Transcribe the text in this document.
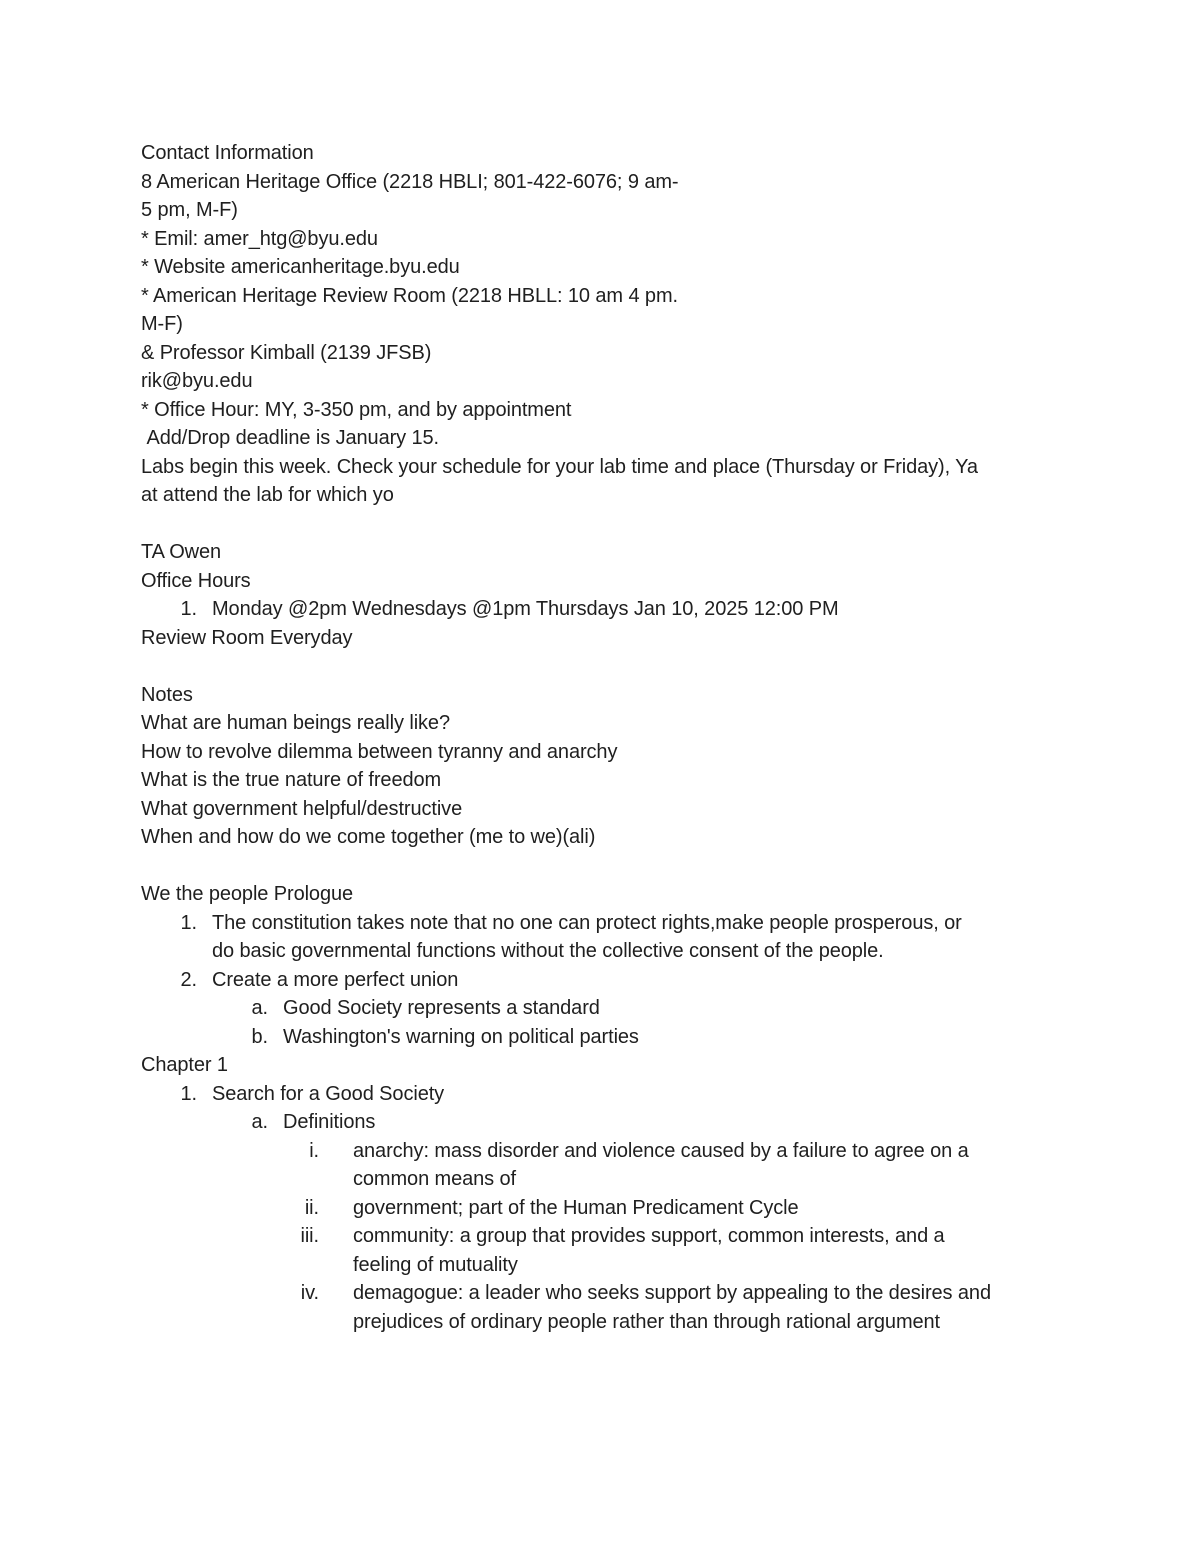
Contact Information
8 American Heritage Office (2218 HBLI; 801-422-6076; 9 am-
5 pm, M-F)
* Emil: amer_htg@byu.edu
* Website americanheritage.byu.edu
* American Heritage Review Room (2218 HBLL: 10 am 4 pm.
M-F)
& Professor Kimball (2139 JFSB)
rik@byu.edu
* Office Hour: MY, 3-350 pm, and by appointment
Add/Drop deadline is January 15.
Labs begin this week. Check your schedule for your lab time and place (Thursday or Friday), Ya
at attend the lab for which yo
TA Owen
Office Hours
1. Monday @2pm Wednesdays @1pm Thursdays Jan 10, 2025 12:00 PM
Review Room Everyday
Notes
What are human beings really like?
How to revolve dilemma between tyranny and anarchy
What is the true nature of freedom
What government helpful/destructive
When and how do we come together (me to we)(ali)
We the people Prologue
1. The constitution takes note that no one can protect rights,make people prosperous, or
do basic governmental functions without the collective consent of the people.
2. Create a more perfect union
a. Good Society represents a standard
b. Washington's warning on political parties
Chapter 1
1. Search for a Good Society
a. Definitions
i. anarchy: mass disorder and violence caused by a failure to agree on a
common means of
ii. government; part of the Human Predicament Cycle
iii. community: a group that provides support, common interests, and a
feeling of mutuality
iv. demagogue: a leader who seeks support by appealing to the desires and
prejudices of ordinary people rather than through rational argument
